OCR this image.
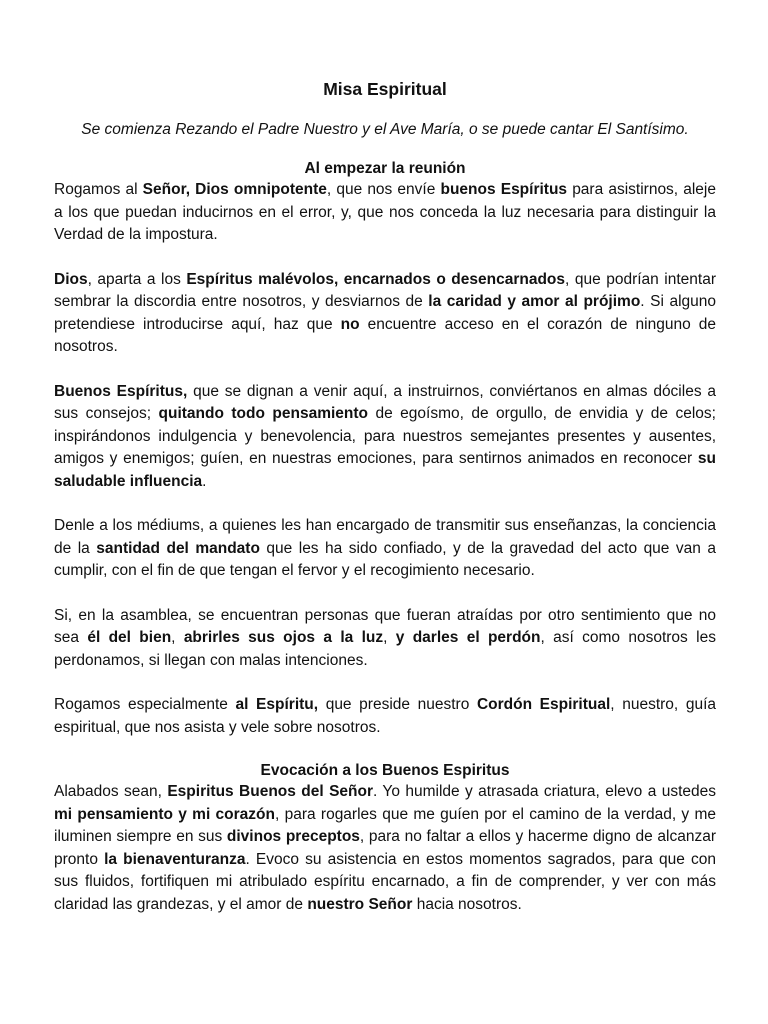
Misa Espiritual

Se comienza Rezando el Padre Nuestro y el Ave María, o se puede cantar El Santísimo.

Al empezar la reunión

Rogamos al Señor, Dios omnipotente, que nos envíe buenos Espíritus para asistirnos, aleje a los que puedan inducirnos en el error, y, que nos conceda la luz necesaria para distinguir la Verdad de la impostura.

Dios, aparta a los Espíritus malévolos, encarnados o desencarnados, que podrían intentar sembrar la discordia entre nosotros, y desviarnos de la caridad y amor al prójimo. Si alguno pretendiese introducirse aquí, haz que no encuentre acceso en el corazón de ninguno de nosotros.

Buenos Espíritus, que se dignan a venir aquí, a instruirnos, conviértanos en almas dóciles a sus consejos; quitando todo pensamiento de egoísmo, de orgullo, de envidia y de celos; inspirándonos indulgencia y benevolencia, para nuestros semejantes presentes y ausentes, amigos y enemigos; guíen, en nuestras emociones, para sentirnos animados en reconocer su saludable influencia.

Denle a los médiums, a quienes les han encargado de transmitir sus enseñanzas, la conciencia de la santidad del mandato que les ha sido confiado, y de la gravedad del acto que van a cumplir, con el fin de que tengan el fervor y el recogimiento necesario.

Si, en la asamblea, se encuentran personas que fueran atraídas por otro sentimiento que no sea él del bien, abrirles sus ojos a la luz, y darles el perdón, así como nosotros les perdonamos, si llegan con malas intenciones.

Rogamos especialmente al Espíritu, que preside nuestro Cordón Espiritual, nuestro, guía espiritual, que nos asista y vele sobre nosotros.

Evocación a los Buenos Espiritus

Alabados sean, Espiritus Buenos del Señor. Yo humilde y atrasada criatura, elevo a ustedes mi pensamiento y mi corazón, para rogarles que me guíen por el camino de la verdad, y me iluminen siempre en sus divinos preceptos, para no faltar a ellos y hacerme digno de alcanzar pronto la bienaventuranza. Evoco su asistencia en estos momentos sagrados, para que con sus fluidos, fortifiquen mi atribulado espíritu encarnado, a fin de comprender, y ver con más claridad las grandezas, y el amor de nuestro Señor hacia nosotros.
